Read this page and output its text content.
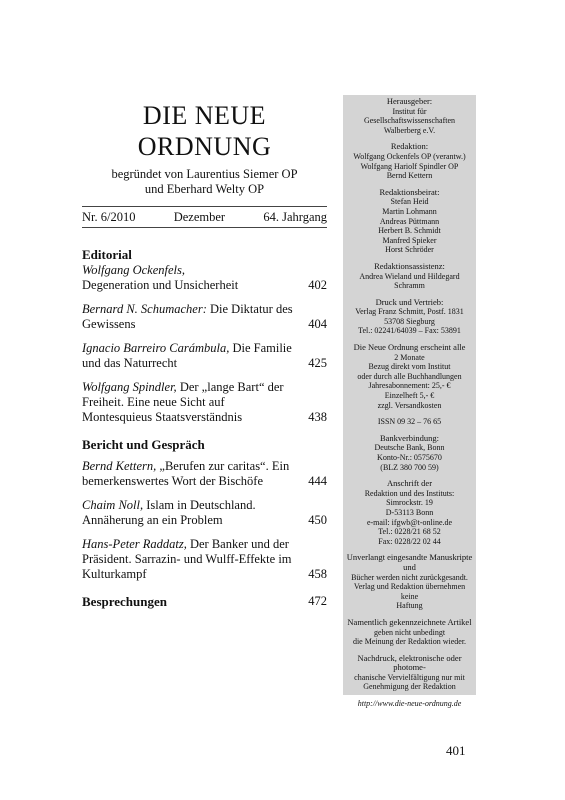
DIE NEUE
ORDNUNG
begründet von Laurentius Siemer OP
und Eberhard Welty OP
Nr. 6/2010	Dezember	64. Jahrgang
Editorial
Wolfgang Ockenfels,
Degeneration und Unsicherheit	402
Bernard N. Schumacher: Die Diktatur des Gewissens	404
Ignacio Barreiro Carámbula, Die Familie und das Naturrecht	425
Wolfgang Spindler, Der „lange Bart“ der Freiheit. Eine neue Sicht auf Montesquieus Staatsverständnis	438
Bericht und Gespräch
Bernd Kettern, „Berufen zur caritas“. Ein bemerkenswertes Wort der Bischöfe	444
Chaim Noll, Islam in Deutschland. Annäherung an ein Problem	450
Hans-Peter Raddatz, Der Banker und der Präsident. Sarrazin- und Wulff-Effekte im Kulturkampf	458
Besprechungen	472
Herausgeber:
Institut für
Gesellschaftswissenschaften
Walberberg e.V.
Redaktion:
Wolfgang Ockenfels OP (verantw.)
Wolfgang Hariolf Spindler OP
Bernd Kettern
Redaktionsbeirat:
Stefan Heid
Martin Lohmann
Andreas Püttmann
Herbert B. Schmidt
Manfred Spieker
Horst Schröder
Redaktionsassistenz:
Andrea Wieland und Hildegard Schramm
Druck und Vertrieb:
Verlag Franz Schmitt, Postf. 1831
53708 Siegburg
Tel.: 02241/64039 – Fax: 53891
Die Neue Ordnung erscheint alle
2 Monate
Bezug direkt vom Institut
oder durch alle Buchhandlungen
Jahresabonnement: 25,- €
Einzelheft 5,- €
zzgl. Versandkosten
ISSN 09 32 – 76 65
Bankverbindung:
Deutsche Bank, Bonn
Konto-Nr.: 0575670
(BLZ 380 700 59)
Anschrift der
Redaktion und des Instituts:
Simrockstr. 19
D-53113 Bonn
e-mail: ifgwb@t-online.de
Tel.: 0228/21 68 52
Fax: 0228/22 02 44
Unverlangt eingesandte Manuskripte und
Bücher werden nicht zurückgesandt.
Verlag und Redaktion übernehmen keine
Haftung
Namentlich gekennzeichnete Artikel
geben nicht unbedingt
die Meinung der Redaktion wieder.
Nachdruck, elektronische oder photome-
chanische Vervielfältigung nur mit
Genehmigung der Redaktion
http://www.die-neue-ordnung.de
401
